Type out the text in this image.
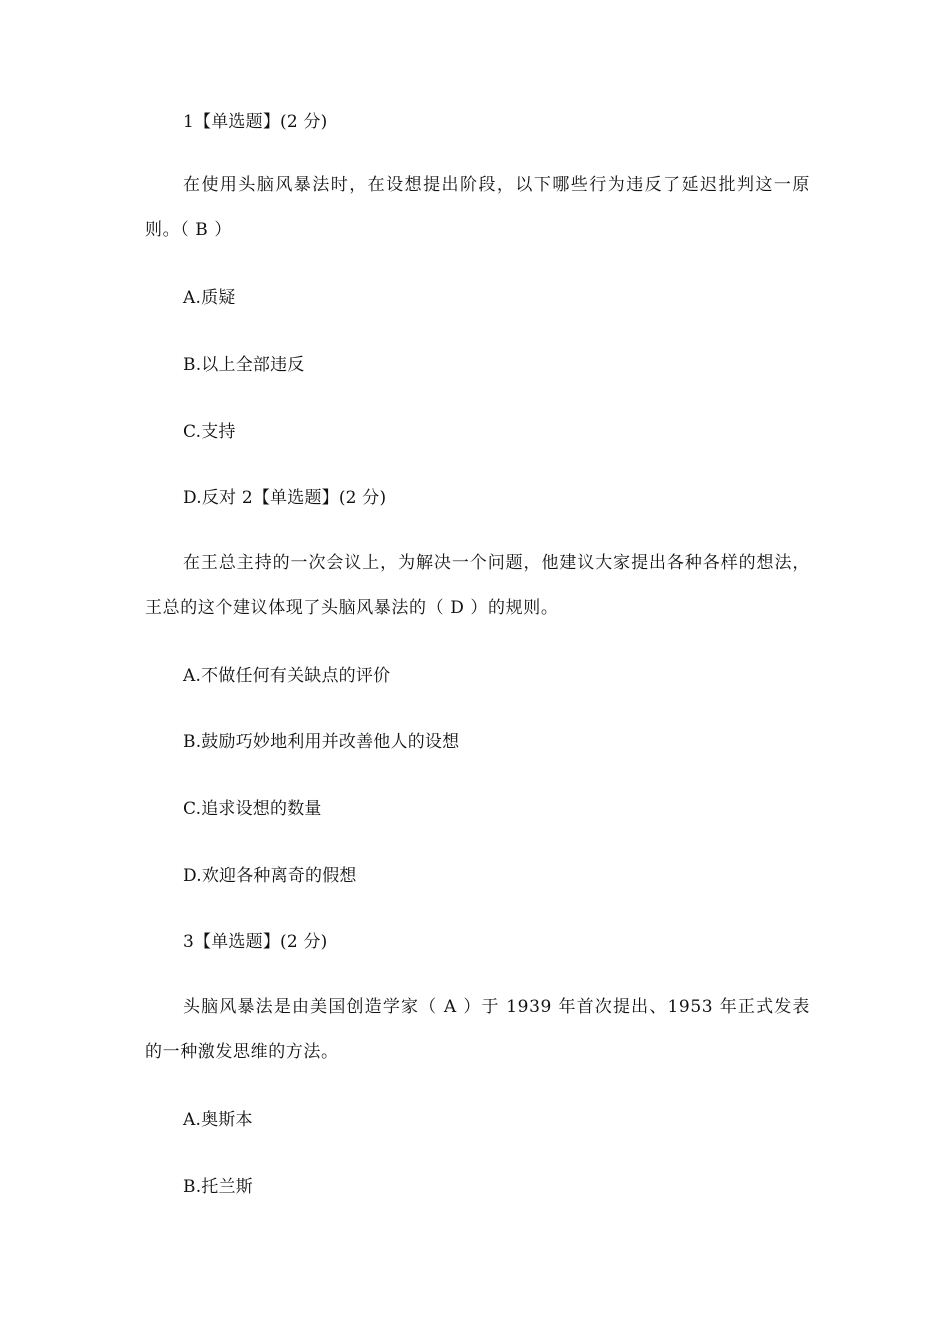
1【单选题】(2 分)
在使用头脑风暴法时，在设想提出阶段，以下哪些行为违反了延迟批判这一原则。（ B ）
A.质疑
B.以上全部违反
C.支持
D.反对 2【单选题】(2 分)
在王总主持的一次会议上，为解决一个问题，他建议大家提出各种各样的想法，王总的这个建议体现了头脑风暴法的（ D ）的规则。
A.不做任何有关缺点的评价
B.鼓励巧妙地利用并改善他人的设想
C.追求设想的数量
D.欢迎各种离奇的假想
3【单选题】(2 分)
头脑风暴法是由美国创造学家（ A ）于 1939 年首次提出、1953 年正式发表的一种激发思维的方法。
A.奥斯本
B.托兰斯
